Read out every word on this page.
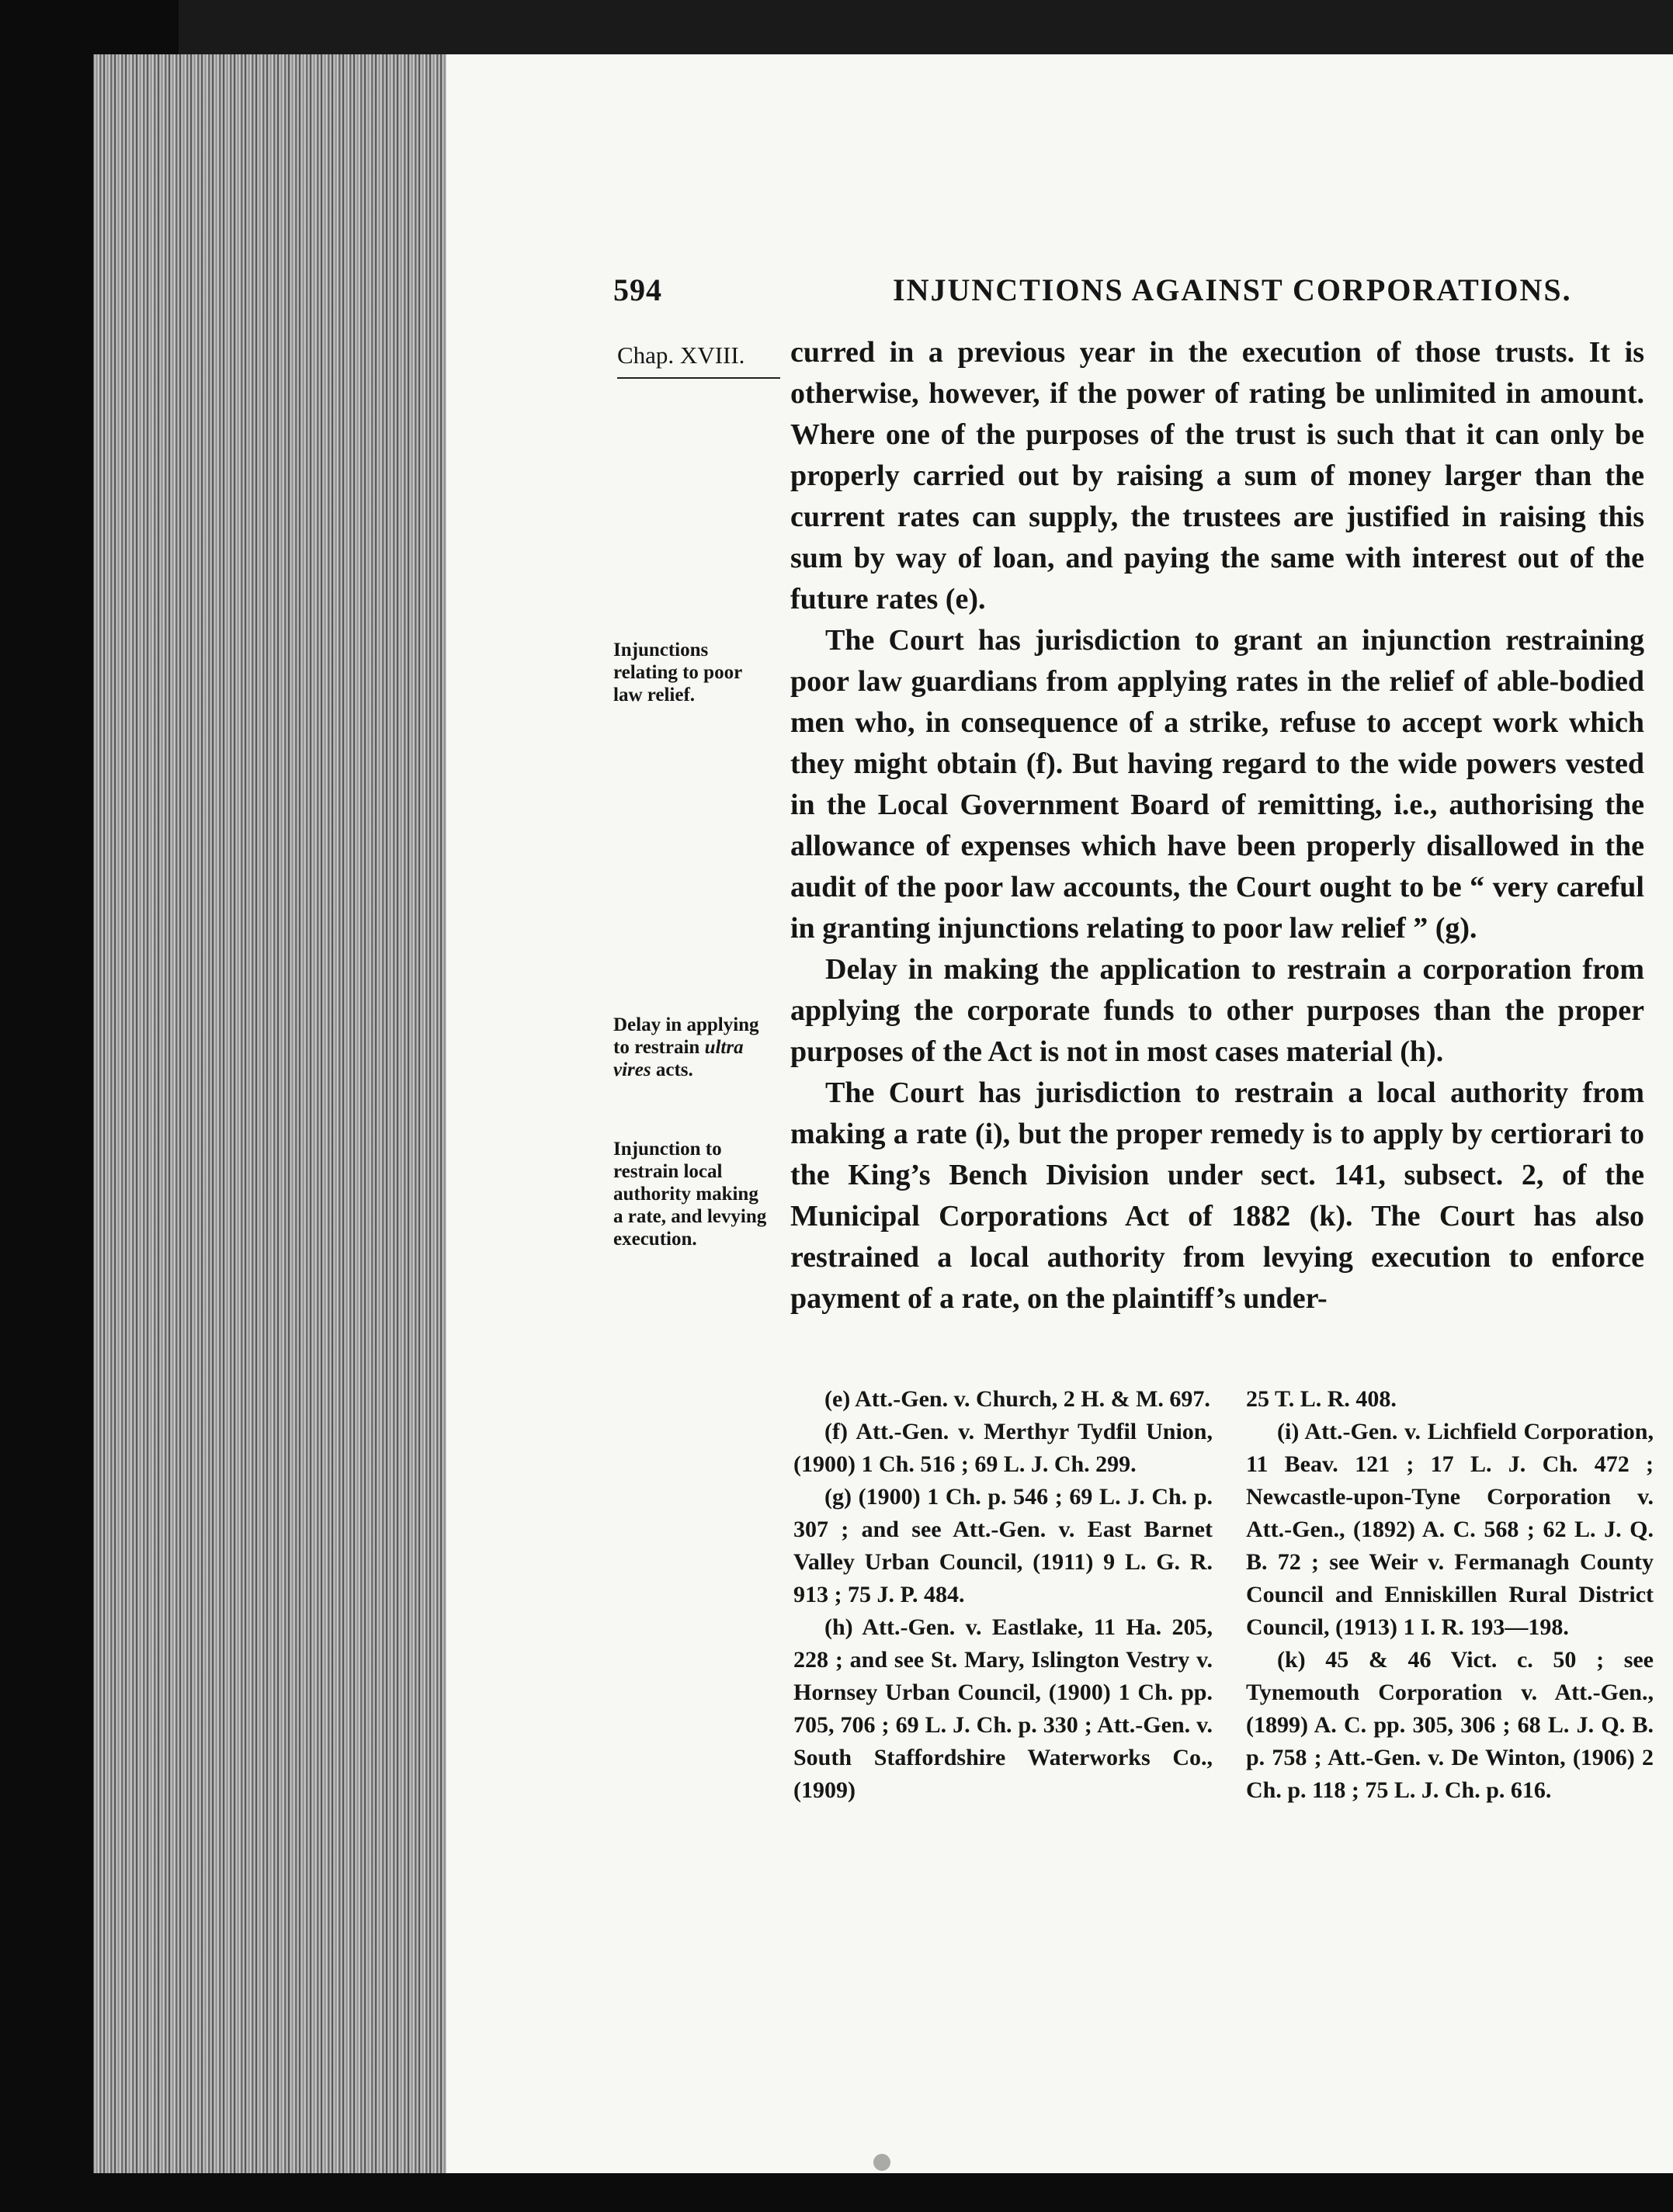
594	INJUNCTIONS AGAINST CORPORATIONS.
Chap. XVIII.
Injunctions relating to poor law relief.
Delay in applying to restrain ultra vires acts.
Injunction to restrain local authority making a rate, and levying execution.

curred in a previous year in the execution of those trusts. It is otherwise, however, if the power of rating be unlimited in amount. Where one of the purposes of the trust is such that it can only be properly carried out by raising a sum of money larger than the current rates can supply, the trustees are justified in raising this sum by way of loan, and paying the same with interest out of the future rates (e).

The Court has jurisdiction to grant an injunction restraining poor law guardians from applying rates in the relief of able-bodied men who, in consequence of a strike, refuse to accept work which they might obtain (f). But having regard to the wide powers vested in the Local Government Board of remitting, i.e., authorising the allowance of expenses which have been properly disallowed in the audit of the poor law accounts, the Court ought to be “ very careful in granting injunctions relating to poor law relief ” (g).

Delay in making the application to restrain a corporation from applying the corporate funds to other purposes than the proper purposes of the Act is not in most cases material (h).

The Court has jurisdiction to restrain a local authority from making a rate (i), but the proper remedy is to apply by certiorari to the King’s Bench Division under sect. 141, subsect. 2, of the Municipal Corporations Act of 1882 (k). The Court has also restrained a local authority from levying execution to enforce payment of a rate, on the plaintiff’s under-

(e) Att.-Gen. v. Church, 2 H. & M. 697.

(f) Att.-Gen. v. Merthyr Tydfil Union, (1900) 1 Ch. 516 ; 69 L. J. Ch. 299.

(g) (1900) 1 Ch. p. 546 ; 69 L. J. Ch. p. 307 ; and see Att.-Gen. v. East Barnet Valley Urban Council, (1911) 9 L. G. R. 913 ; 75 J. P. 484.

(h) Att.-Gen. v. Eastlake, 11 Ha. 205, 228 ; and see St. Mary, Islington Vestry v. Hornsey Urban Council, (1900) 1 Ch. pp. 705, 706 ; 69 L. J. Ch. p. 330 ; Att.-Gen. v. South Staffordshire Waterworks Co., (1909)

25 T. L. R. 408.

(i) Att.-Gen. v. Lichfield Corporation, 11 Beav. 121 ; 17 L. J. Ch. 472 ; Newcastle-upon-Tyne Corporation v. Att.-Gen., (1892) A. C. 568 ; 62 L. J. Q. B. 72 ; see Weir v. Fermanagh County Council and Enniskillen Rural District Council, (1913) 1 I. R. 193—198.

(k) 45 & 46 Vict. c. 50 ; see Tynemouth Corporation v. Att.-Gen., (1899) A. C. pp. 305, 306 ; 68 L. J. Q. B. p. 758 ; Att.-Gen. v. De Winton, (1906) 2 Ch. p. 118 ; 75 L. J. Ch. p. 616.
